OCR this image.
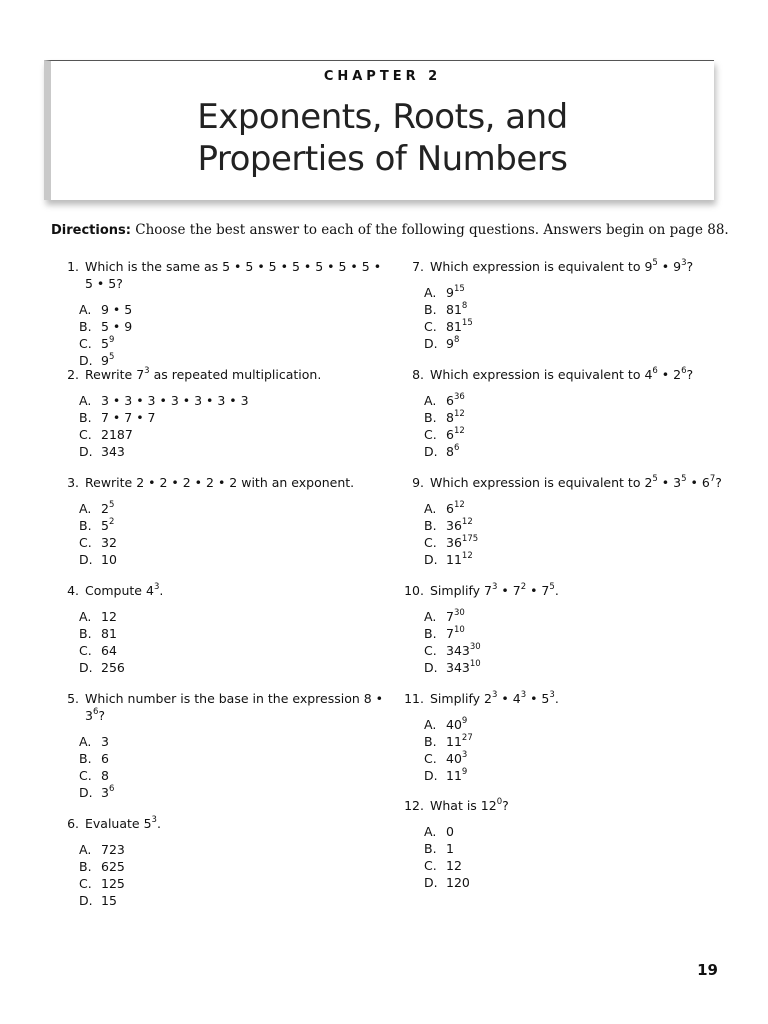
CHAPTER 2
Exponents, Roots, and
Properties of Numbers
Directions: Choose the best answer to each of the following questions. Answers begin on page 88.
1. Which is the same as 5 • 5 • 5 • 5 • 5 • 5 • 5 • 5 • 5?
A. 9 • 5
B. 5 • 9
C. $5^9$
D. $9^5$
2. Rewrite $7^3$ as repeated multiplication.
A. 3 • 3 • 3 • 3 • 3 • 3 • 3
B. 7 • 7 • 7
C. 2187
D. 343
3. Rewrite 2 • 2 • 2 • 2 • 2 with an exponent.
A. $2^5$
B. $5^2$
C. 32
D. 10
4. Compute $4^3$.
A. 12
B. 81
C. 64
D. 256
5. Which number is the base in the expression 8 • $3^6$?
A. 3
B. 6
C. 8
D. $3^6$
6. Evaluate $5^3$.
A. 723
B. 625
C. 125
D. 15
7. Which expression is equivalent to $9^5$ • $9^3$?
A. $9^{15}$
B. $81^8$
C. $81^{15}$
D. $9^8$
8. Which expression is equivalent to $4^6$ • $2^6$?
A. $6^{36}$
B. $8^{12}$
C. $6^{12}$
D. $8^6$
9. Which expression is equivalent to $2^5$ • $3^5$ • $6^7$?
A. $6^{12}$
B. $36^{12}$
C. $36^{175}$
D. $11^{12}$
10. Simplify $7^3$ • $7^2$ • $7^5$.
A. $7^{30}$
B. $7^{10}$
C. $343^{30}$
D. $343^{10}$
11. Simplify $2^3$ • $4^3$ • $5^3$.
A. $40^9$
B. $11^{27}$
C. $40^3$
D. $11^9$
12. What is $12^0$?
A. 0
B. 1
C. 12
D. 120
19
